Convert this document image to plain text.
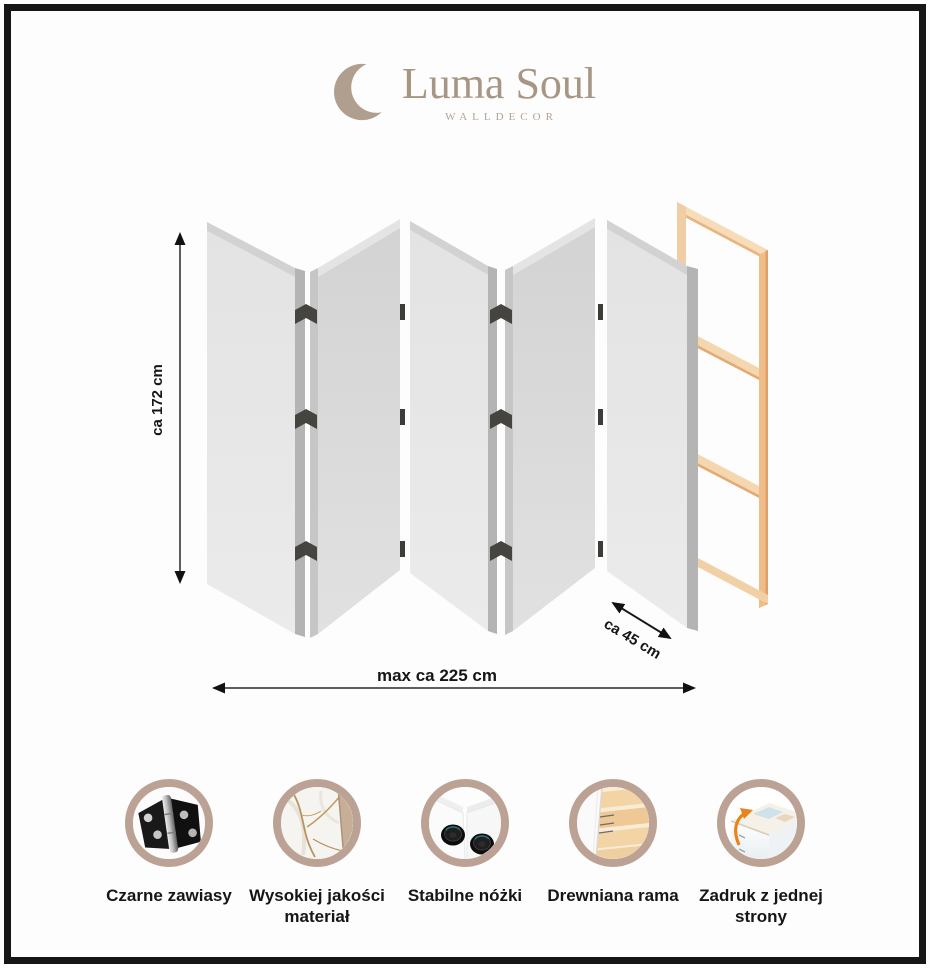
Luma Soul
WALLDECOR
ca 172 cm
max ca 225 cm
ca 45 cm
Czarne zawiasy	Wysokiej jakości materiał
Stabilne nóżki Drewniana rama	Zadruk z jednej strony
